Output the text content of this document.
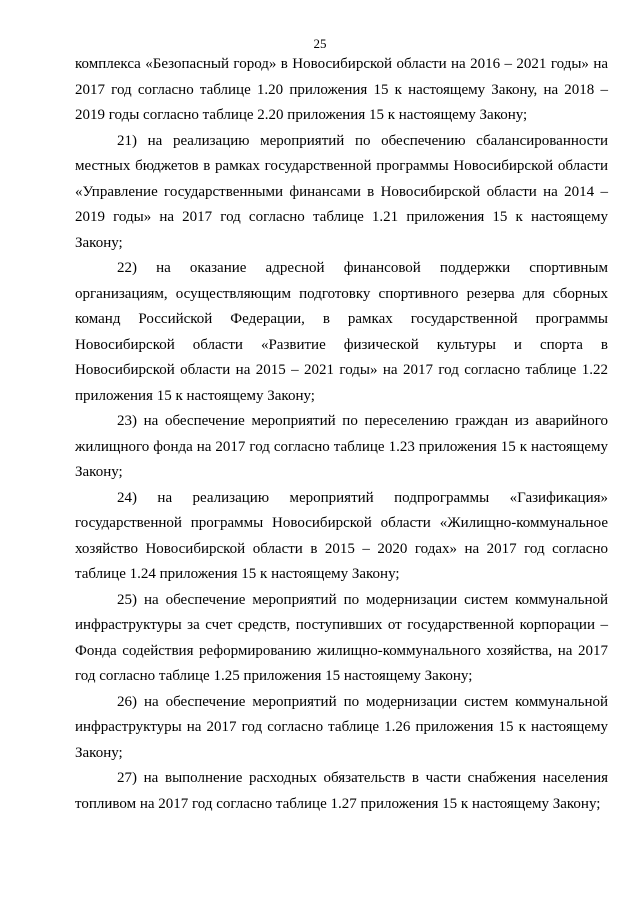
25

комплекса «Безопасный город» в Новосибирской области на 2016 – 2021 годы» на 2017 год согласно таблице 1.20 приложения 15 к настоящему Закону, на 2018 – 2019 годы согласно таблице 2.20 приложения 15 к настоящему Закону;

21) на реализацию мероприятий по обеспечению сбалансированности местных бюджетов в рамках государственной программы Новосибирской области «Управление государственными финансами в Новосибирской области на 2014 – 2019 годы» на 2017 год согласно таблице 1.21 приложения 15 к настоящему Закону;

22) на оказание адресной финансовой поддержки спортивным организациям, осуществляющим подготовку спортивного резерва для сборных команд Российской Федерации, в рамках государственной программы Новосибирской области «Развитие физической культуры и спорта в Новосибирской области на 2015 – 2021 годы» на 2017 год согласно таблице 1.22 приложения 15 к настоящему Закону;

23) на обеспечение мероприятий по переселению граждан из аварийного жилищного фонда на 2017 год согласно таблице 1.23 приложения 15 к настоящему Закону;

24) на реализацию мероприятий подпрограммы «Газификация» государственной программы Новосибирской области «Жилищно-коммунальное хозяйство Новосибирской области в 2015 – 2020 годах» на 2017 год согласно таблице 1.24 приложения 15 к настоящему Закону;

25) на обеспечение мероприятий по модернизации систем коммунальной инфраструктуры за счет средств, поступивших от государственной корпорации – Фонда содействия реформированию жилищно-коммунального хозяйства, на 2017 год согласно таблице 1.25 приложения 15 настоящему Закону;

26) на обеспечение мероприятий по модернизации систем коммунальной инфраструктуры на 2017 год согласно таблице 1.26 приложения 15 к настоящему Закону;

27) на выполнение расходных обязательств в части снабжения населения топливом на 2017 год согласно таблице 1.27 приложения 15 к настоящему Закону;
